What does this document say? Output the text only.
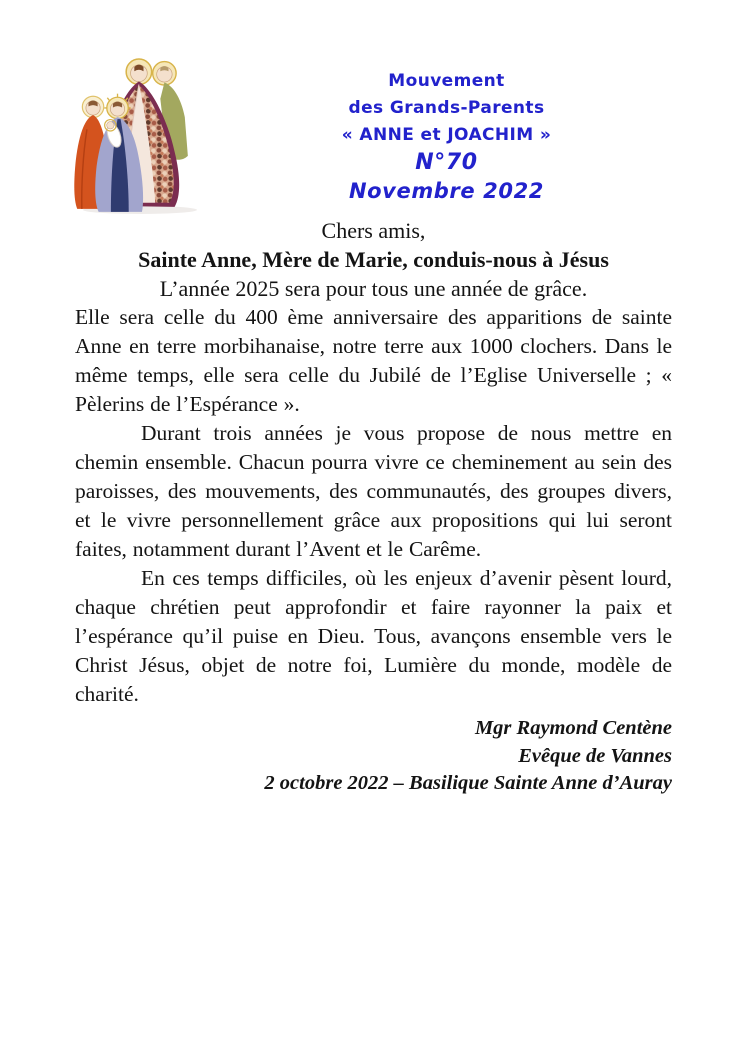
Mouvement
des Grands-Parents
« ANNE et JOACHIM »
N°70
Novembre 2022

Chers amis,

Sainte Anne, Mère de Marie, conduis-nous à Jésus

L’année 2025 sera pour tous une année de grâce.

Elle sera celle du 400 ème anniversaire des apparitions de sainte Anne en terre morbihanaise, notre terre aux 1000 clochers. Dans le même temps, elle sera celle du Jubilé de l’Eglise Universelle ; « Pèlerins de l’Espérance ».

Durant trois années je vous propose de nous mettre en chemin ensemble. Chacun pourra vivre ce cheminement au sein des paroisses, des mouvements, des communautés, des groupes divers, et le vivre personnellement grâce aux propositions qui lui seront faites, notamment durant l’Avent et le Carême.

En ces temps difficiles, où les enjeux d’avenir pèsent lourd, chaque chrétien peut approfondir et faire rayonner la paix et l’espérance qu’il puise en Dieu. Tous, avançons ensemble vers le Christ Jésus, objet de notre foi, Lumière du monde, modèle de charité.

Mgr Raymond Centène

Evêque de Vannes

2 octobre 2022 – Basilique Sainte Anne d’Auray
